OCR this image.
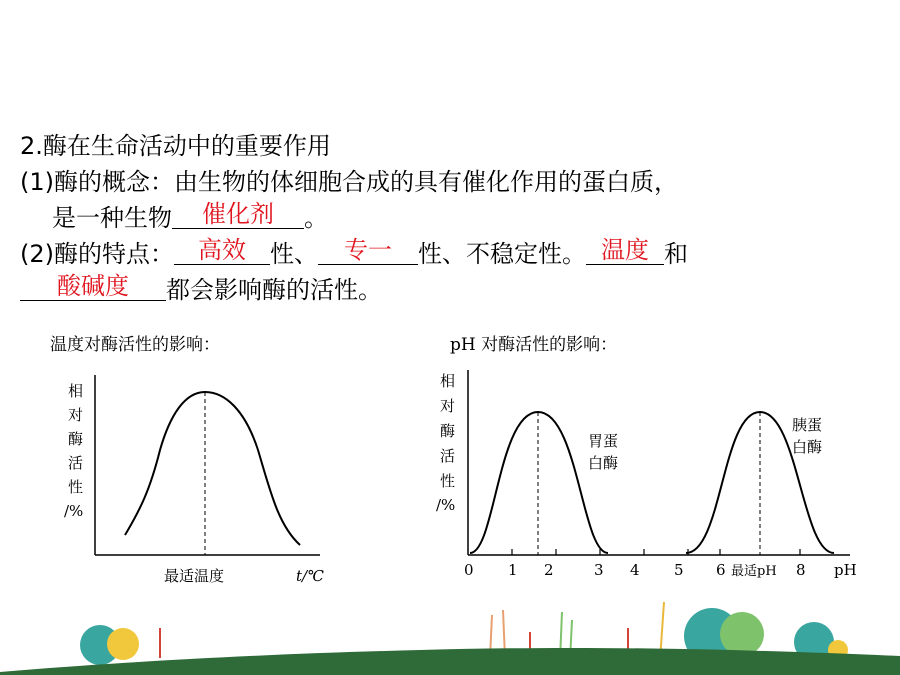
2.酶在生命活动中的重要作用
(1)酶的概念：由生物的体细胞合成的具有催化作用的蛋白质，
是一种生物 催化剂 。
(2)酶的特点： 高效 性、 专一 性、不稳定性。 温度 和
酸碱度 都会影响酶的活性。
温度对酶活性的影响：	pH 对酶活性的影响：
相
对
酶
活
性
/%
最适温度	t/℃
相
对
酶
活
性
/%
0 1 2	3 4 5 6 最适pH 8 pH
胃蛋
白酶
胰蛋
白酶
